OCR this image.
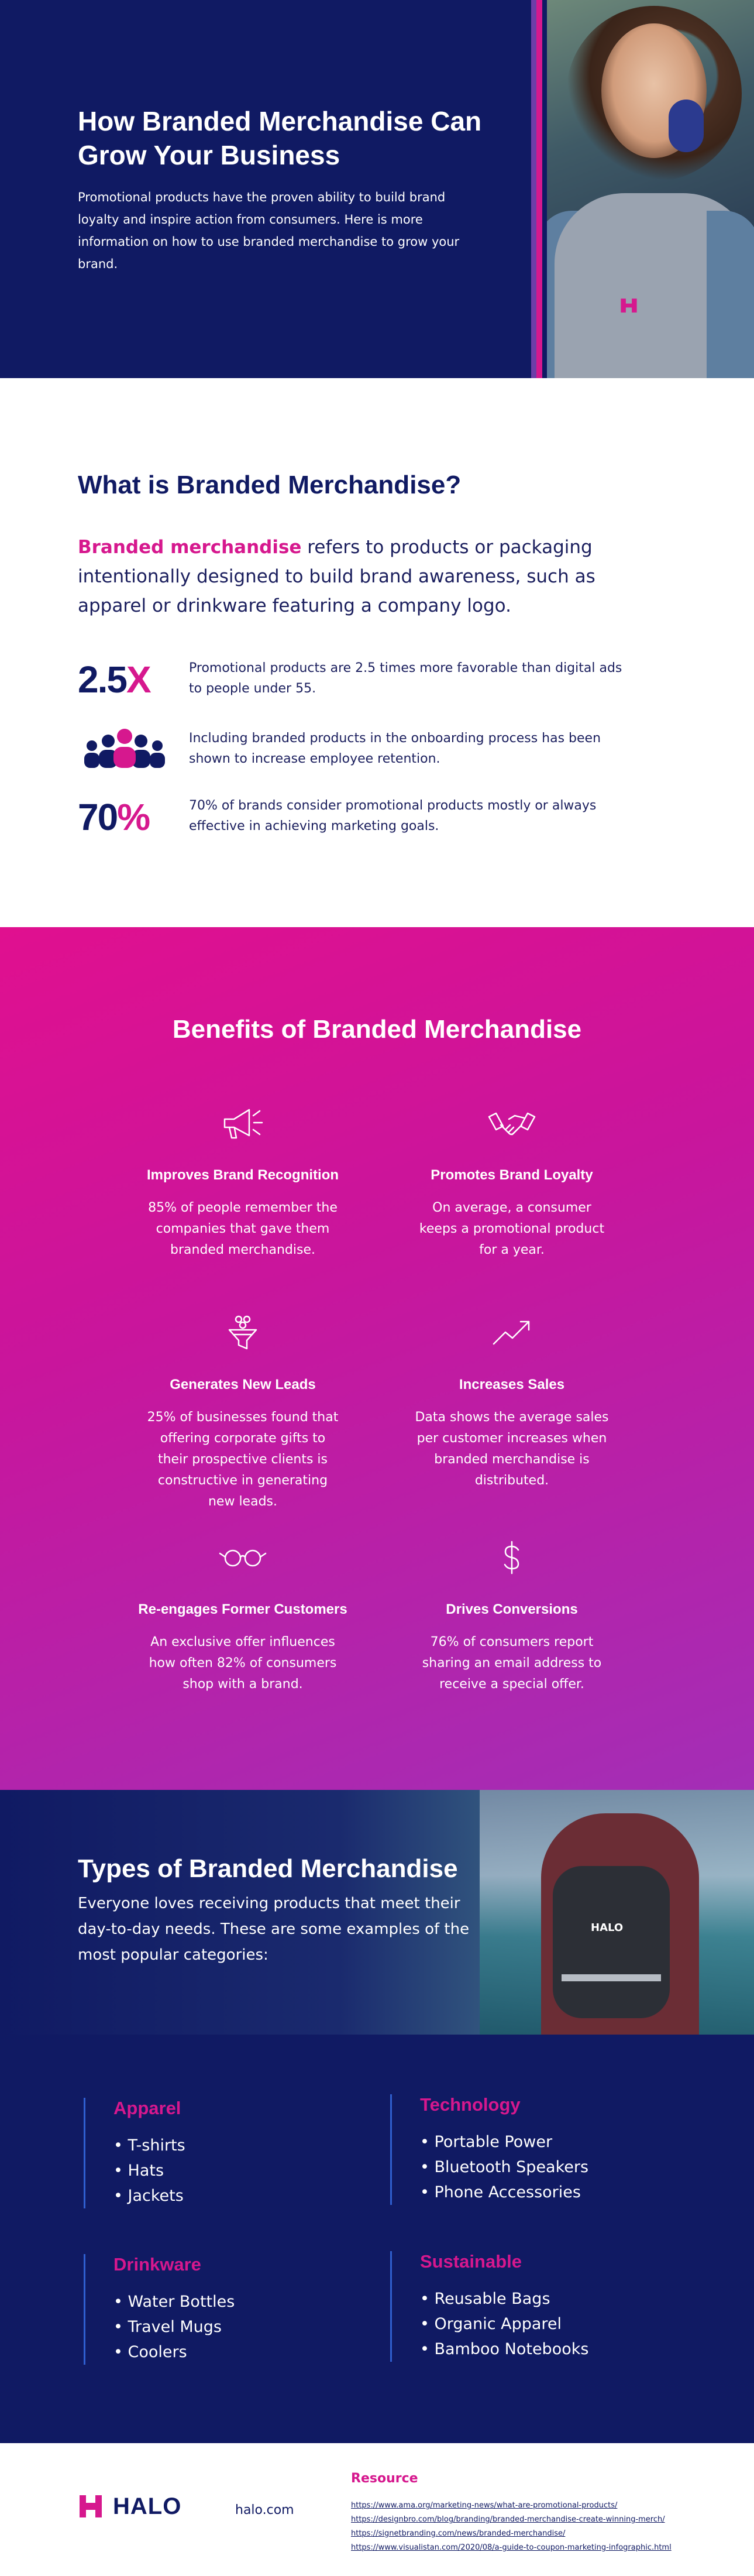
How Branded Merchandise Can Grow Your Business

Promotional products have the proven ability to build brand loyalty and inspire action from consumers. Here is more information on how to use branded merchandise to grow your brand.

What is Branded Merchandise?

Branded merchandise refers to products or packaging intentionally designed to build brand awareness, such as apparel or drinkware featuring a company logo.

2.5X	Promotional products are 2.5 times more favorable than digital ads to people under 55.
Including branded products in the onboarding process has been shown to increase employee retention.
70%	70% of brands consider promotional products mostly or always effective in achieving marketing goals.
Benefits of Branded Merchandise
Improves Brand Recognition

85% of people remember the companies that gave them branded merchandise.

Promotes Brand Loyalty

On average, a consumer keeps a promotional product for a year.

Generates New Leads

25% of businesses found that offering corporate gifts to their prospective clients is constructive in generating new leads.

Increases Sales

Data shows the average sales per customer increases when branded merchandise is distributed.

Re-engages Former Customers

An exclusive offer influences how often 82% of consumers shop with a brand.

Drives Conversions

76% of consumers report sharing an email address to receive a special offer.

HALO
Types of Branded Merchandise

Everyone loves receiving products that meet their day-to-day needs. These are some examples of the most popular categories:

Apparel
• T-shirts
• Hats
• Jackets
Technology
• Portable Power
• Bluetooth Speakers
• Phone Accessories
Drinkware
• Water Bottles
• Travel Mugs
• Coolers
Sustainable
• Reusable Bags
• Organic Apparel
• Bamboo Notebooks
HALO	halo.com
Resource
https://www.ama.org/marketing-news/what-are-promotional-products/
https://designbro.com/blog/branding/branded-merchandise-create-winning-merch/
https://signetbranding.com/news/branded-merchandise/
https://www.visualistan.com/2020/08/a-guide-to-coupon-marketing-infographic.html
